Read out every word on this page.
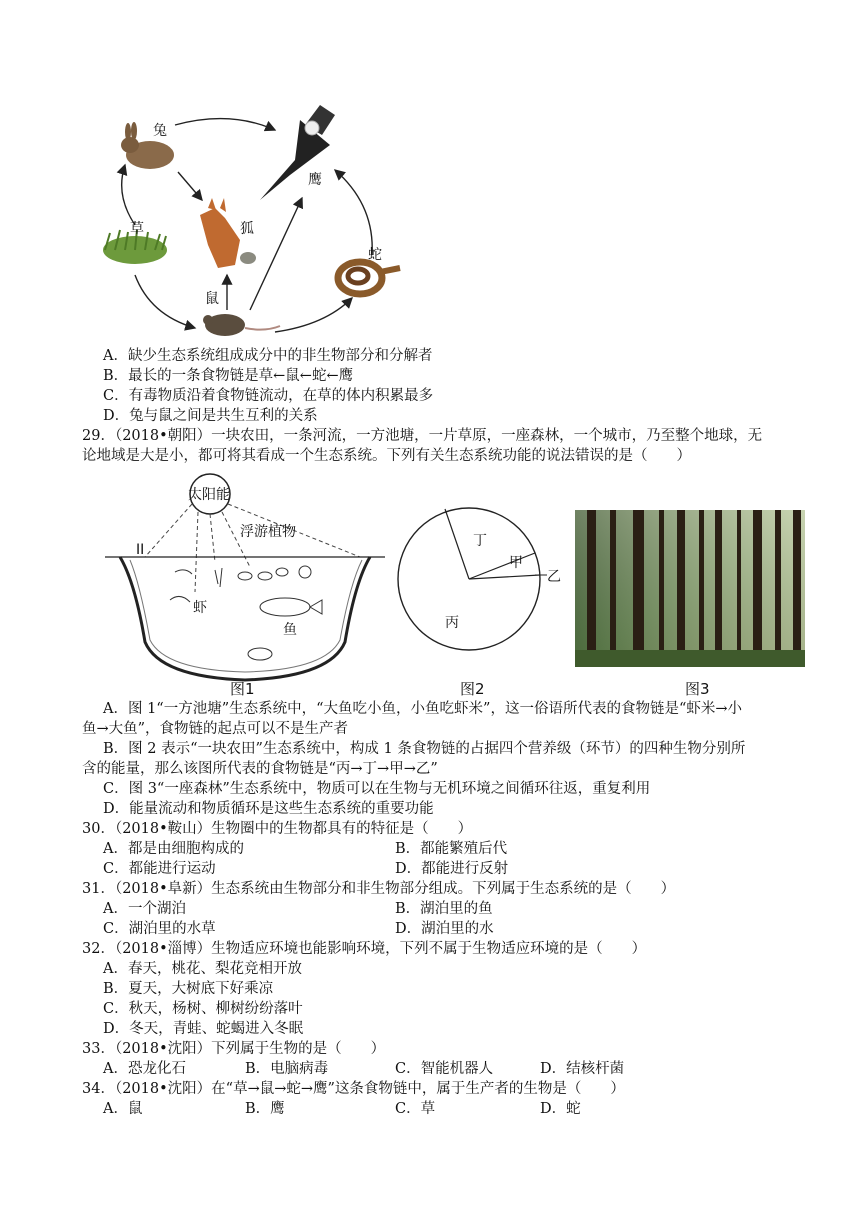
兔
鹰
狐
草
蛇
鼠
A．缺少生态系统组成成分中的非生物部分和分解者
B．最长的一条食物链是草←鼠←蛇←鹰
C．有毒物质沿着食物链流动，在草的体内积累最多
D．兔与鼠之间是共生互利的关系
29．（2018•朝阳）一块农田，一条河流，一方池塘，一片草原，一座森林，一个城市，乃至整个地球，无
论地域是大是小，都可将其看成一个生态系统。下列有关生态系统功能的说法错误的是（　　）
太阳能
II
浮游植物
虾
鱼
图1
丁
甲
乙
丙
图2	图3
A．图 1“一方池塘”生态系统中，“大鱼吃小鱼，小鱼吃虾米”，这一俗语所代表的食物链是“虾米→小
鱼→大鱼”，食物链的起点可以不是生产者
B．图 2 表示“一块农田”生态系统中，构成 1 条食物链的占据四个营养级（环节）的四种生物分别所
含的能量，那么该图所代表的食物链是“丙→丁→甲→乙”
C．图 3“一座森林”生态系统中，物质可以在生物与无机环境之间循环往返，重复利用
D．能量流动和物质循环是这些生态系统的重要功能
30．（2018•鞍山）生物圈中的生物都具有的特征是（　　）
A．都是由细胞构成的	B．都能繁殖后代
C．都能进行运动	D．都能进行反射
31．（2018•阜新）生态系统由生物部分和非生物部分组成。下列属于生态系统的是（　　）
A．一个湖泊	B．湖泊里的鱼
C．湖泊里的水草	D．湖泊里的水
32．（2018•淄博）生物适应环境也能影响环境，下列不属于生物适应环境的是（　　）
A．春天，桃花、梨花竞相开放
B．夏天，大树底下好乘凉
C．秋天，杨树、柳树纷纷落叶
D．冬天，青蛙、蛇蝎进入冬眠
33．（2018•沈阳）下列属于生物的是（　　）
A．恐龙化石	B．电脑病毒	C．智能机器人	D．结核杆菌
34．（2018•沈阳）在“草→鼠→蛇→鹰”这条食物链中，属于生产者的生物是（　　）
A．鼠	B．鹰	C．草	D．蛇
